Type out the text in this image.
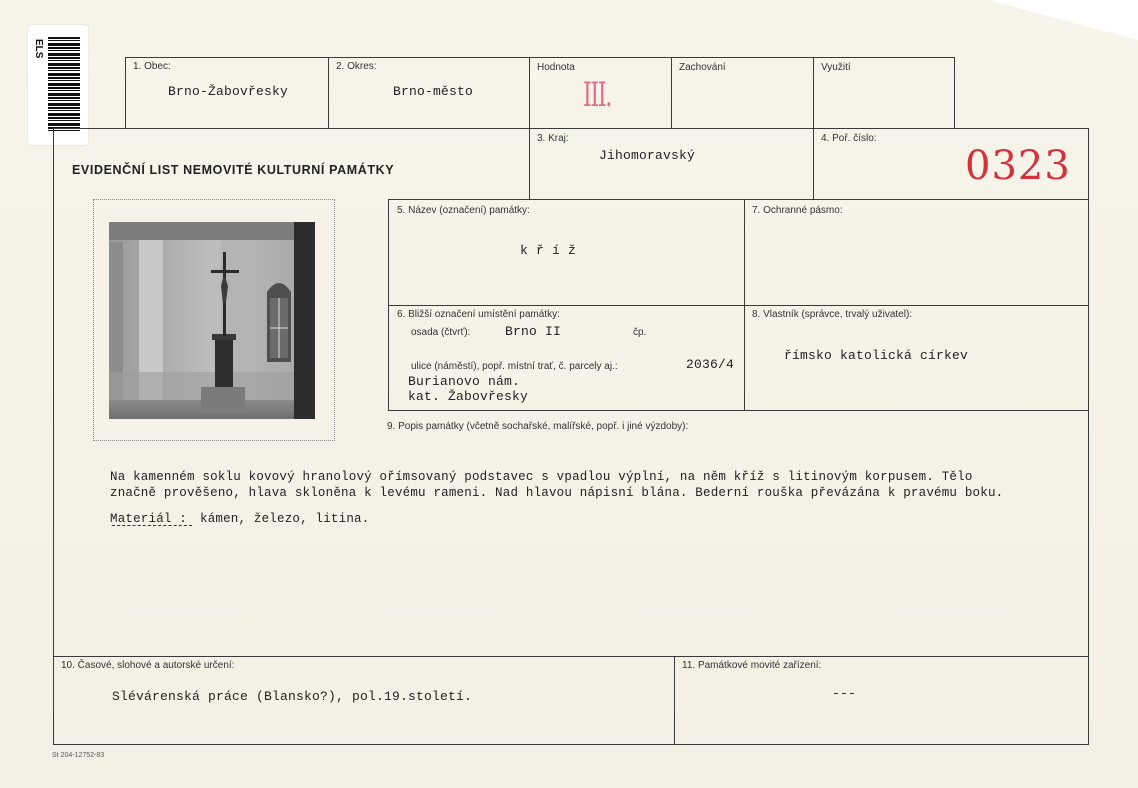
ELS
1. Obec:
Brno-Žabovřesky
2. Okres:
Brno-město
Hodnota
III.
Zachování	Využití
EVIDENČNÍ LIST NEMOVITÉ KULTURNÍ PAMÁTKY
3. Kraj:
Jihomoravský
4. Poř. číslo:
0323
5. Název (označení) památky:
k ř í ž
7. Ochranné pásmo:
6. Bližší označení umístění památky:
osada (čtvrť):	Brno II	čp.
ulice (náměstí), popř. místní trať, č. parcely aj.:	2036/4
Burianovo nám.
kat. Žabovřesky
8. Vlastník (správce, trvalý uživatel):
římsko katolická církev
9. Popis památky (včetně sochařské, malířské, popř. i jiné výzdoby):
Na kamenném soklu kovový hranolový ořímsovaný podstavec s vpadlou výplní, na něm kříž s litinovým korpusem. Tělo
značně prověšeno, hlava skloněna k levému rameni. Nad hlavou nápisní blána. Bederní rouška převázána k pravému boku.
Materiál : kámen, železo, litina.
10. Časové, slohové a autorské určení:
Slévárenská práce (Blansko?), pol.19.století.
11. Památkové movité zařízení:
---
St 204-12752-83
